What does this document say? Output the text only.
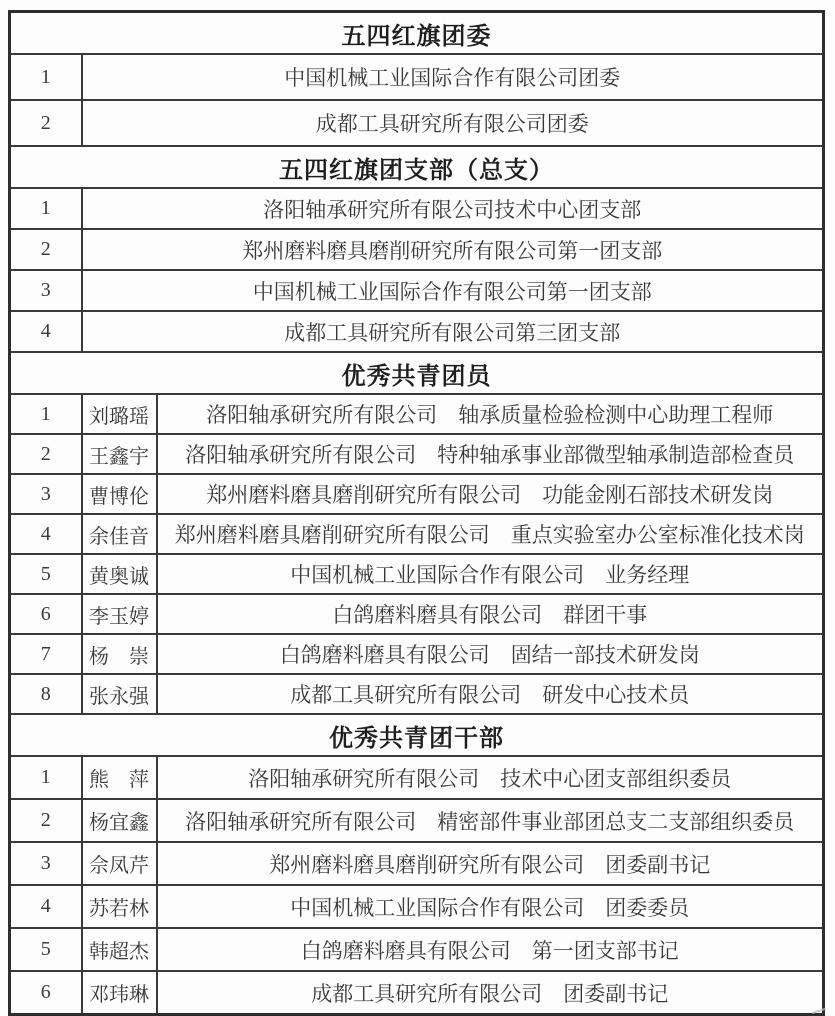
五四红旗团委		
1	中国机械工业国际合作有限公司团委	
2	成都工具研究所有限公司团委	
五四红旗团支部（总支）		
1	洛阳轴承研究所有限公司技术中心团支部	
2	郑州磨料磨具磨削研究所有限公司第一团支部	
3	中国机械工业国际合作有限公司第一团支部	
4	成都工具研究所有限公司第三团支部	
优秀共青团员		
1	刘璐瑶	洛阳轴承研究所有限公司　轴承质量检验检测中心助理工程师
2	王鑫宇	洛阳轴承研究所有限公司　特种轴承事业部微型轴承制造部检查员
3	曹博伦	郑州磨料磨具磨削研究所有限公司　功能金刚石部技术研发岗
4	余佳音	郑州磨料磨具磨削研究所有限公司　重点实验室办公室标准化技术岗
5	黄奥诚	中国机械工业国际合作有限公司　业务经理
6	李玉婷	白鸽磨料磨具有限公司　群团干事
7	杨　崇	白鸽磨料磨具有限公司　固结一部技术研发岗
8	张永强	成都工具研究所有限公司　研发中心技术员
优秀共青团干部		
1	熊　萍	洛阳轴承研究所有限公司　技术中心团支部组织委员
2	杨宜鑫	洛阳轴承研究所有限公司　精密部件事业部团总支二支部组织委员
3	佘凤芹	郑州磨料磨具磨削研究所有限公司　团委副书记
4	苏若林	中国机械工业国际合作有限公司　团委委员
5	韩超杰	白鸽磨料磨具有限公司　第一团支部书记
6	邓玮琳	成都工具研究所有限公司　团委副书记
